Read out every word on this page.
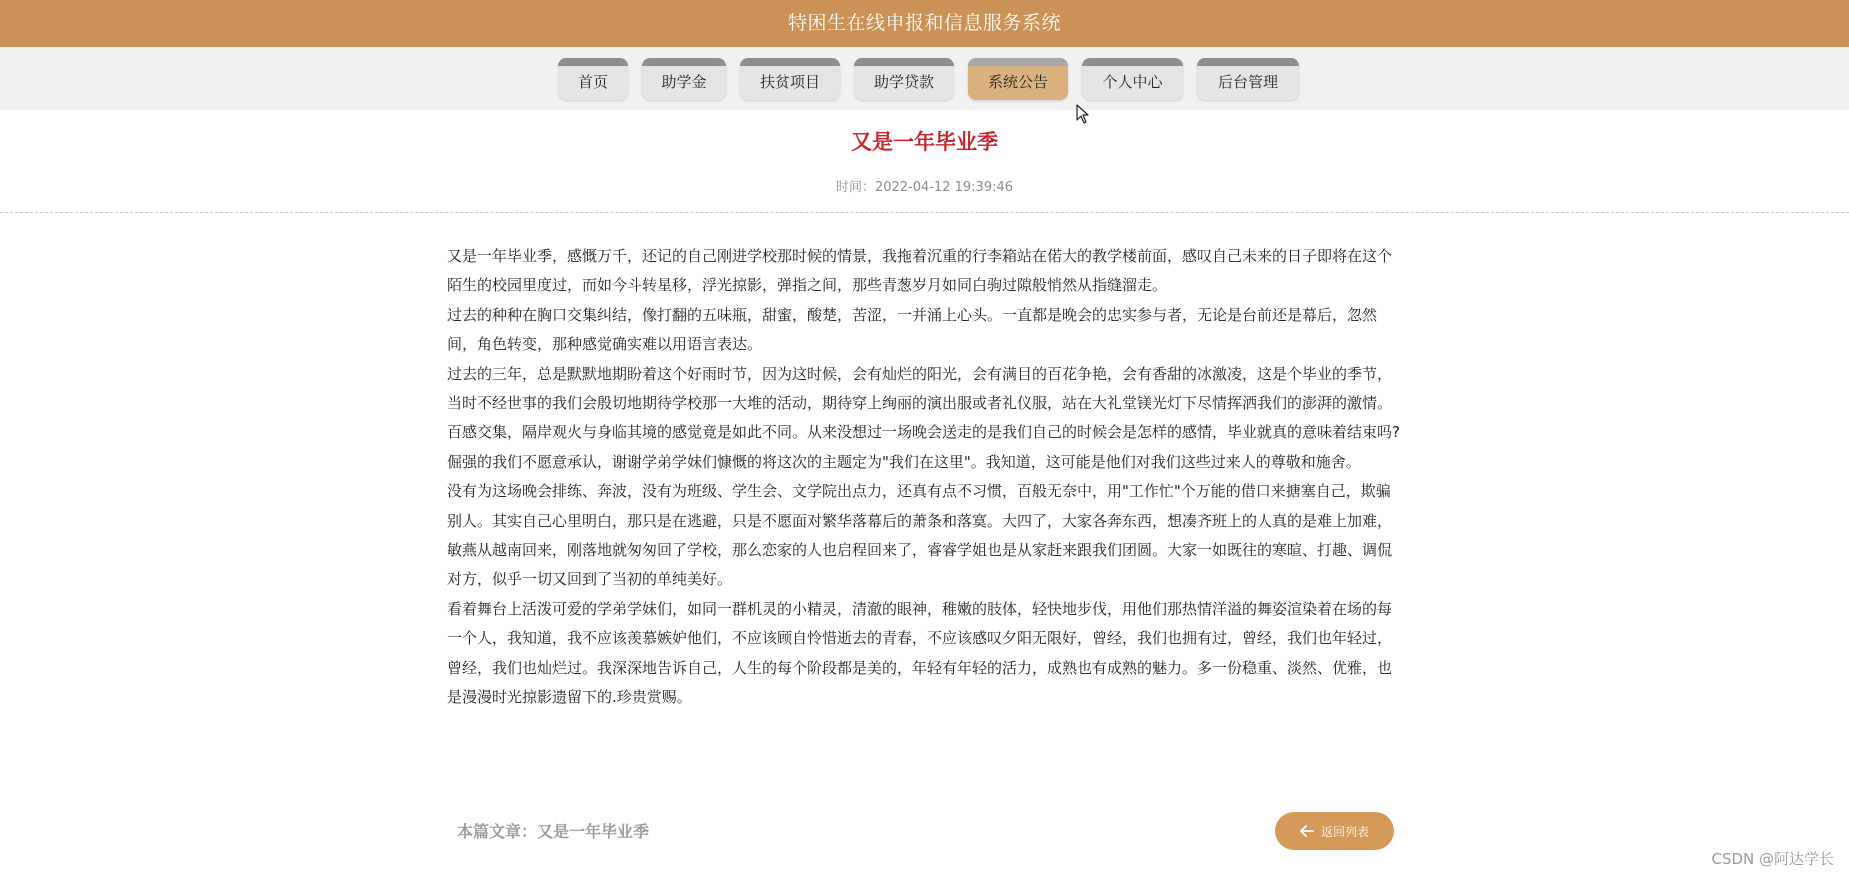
特困生在线申报和信息服务系统
首页	助学金	扶贫项目	助学贷款	系统公告	个人中心	后台管理
又是一年毕业季
时间：2022-04-12 19:39:46

又是一年毕业季，感慨万千，还记的自己刚进学校那时候的情景，我拖着沉重的行李箱站在偌大的教学楼前面，感叹自己未来的日子即将在这个陌生的校园里度过，而如今斗转星移，浮光掠影，弹指之间，那些青葱岁月如同白驹过隙般悄然从指缝溜走。

过去的种种在胸口交集纠结，像打翻的五味瓶，甜蜜，酸楚，苦涩，一并涌上心头。一直都是晚会的忠实参与者，无论是台前还是幕后，忽然间，角色转变，那种感觉确实难以用语言表达。

过去的三年，总是默默地期盼着这个好雨时节，因为这时候，会有灿烂的阳光，会有满目的百花争艳，会有香甜的冰激凌，这是个毕业的季节，当时不经世事的我们会殷切地期待学校那一大堆的活动，期待穿上绚丽的演出服或者礼仪服，站在大礼堂镁光灯下尽情挥洒我们的澎湃的激情。

百感交集，隔岸观火与身临其境的感觉竟是如此不同。从来没想过一场晚会送走的是我们自己的时候会是怎样的感情，毕业就真的意味着结束吗?倔强的我们不愿意承认，谢谢学弟学妹们慷慨的将这次的主题定为"我们在这里"。我知道，这可能是他们对我们这些过来人的尊敬和施舍。

没有为这场晚会排练、奔波，没有为班级、学生会、文学院出点力，还真有点不习惯，百般无奈中，用"工作忙"个万能的借口来搪塞自己，欺骗别人。其实自己心里明白，那只是在逃避，只是不愿面对繁华落幕后的萧条和落寞。大四了，大家各奔东西，想凑齐班上的人真的是难上加难，敏燕从越南回来，刚落地就匆匆回了学校，那么恋家的人也启程回来了，睿睿学姐也是从家赶来跟我们团圆。大家一如既往的寒暄、打趣、调侃对方，似乎一切又回到了当初的单纯美好。

看着舞台上活泼可爱的学弟学妹们，如同一群机灵的小精灵，清澈的眼神，稚嫩的肢体，轻快地步伐，用他们那热情洋溢的舞姿渲染着在场的每一个人，我知道，我不应该羡慕嫉妒他们，不应该顾自怜惜逝去的青春，不应该感叹夕阳无限好，曾经，我们也拥有过，曾经，我们也年轻过，曾经，我们也灿烂过。我深深地告诉自己，人生的每个阶段都是美的，年轻有年轻的活力，成熟也有成熟的魅力。多一份稳重、淡然、优雅，也是漫漫时光掠影遗留下的.珍贵赏赐。

本篇文章：又是一年毕业季	返回列表
CSDN @阿达学长
